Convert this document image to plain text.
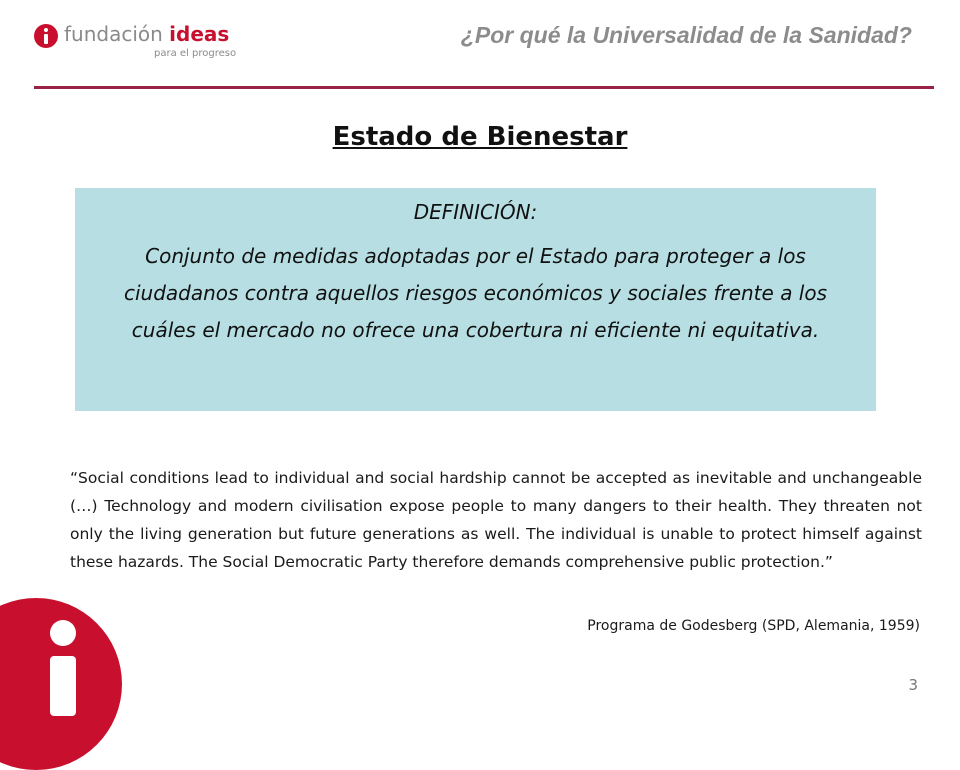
fundación ideas
para el progreso
¿Por qué la Universalidad de la Sanidad?
Estado de Bienestar
DEFINICIÓN:
Conjunto de medidas adoptadas por el Estado para proteger a los ciudadanos contra aquellos riesgos económicos y sociales frente a los cuáles el mercado no ofrece una cobertura ni eficiente ni equitativa.
“Social conditions lead to individual and social hardship cannot be accepted as inevitable and unchangeable (…) Technology and modern civilisation expose people to many dangers to their health. They threaten not only the living generation but future generations as well. The individual is unable to protect himself against these hazards. The Social Democratic Party therefore demands comprehensive public protection.”
Programa de Godesberg (SPD, Alemania, 1959)
3
